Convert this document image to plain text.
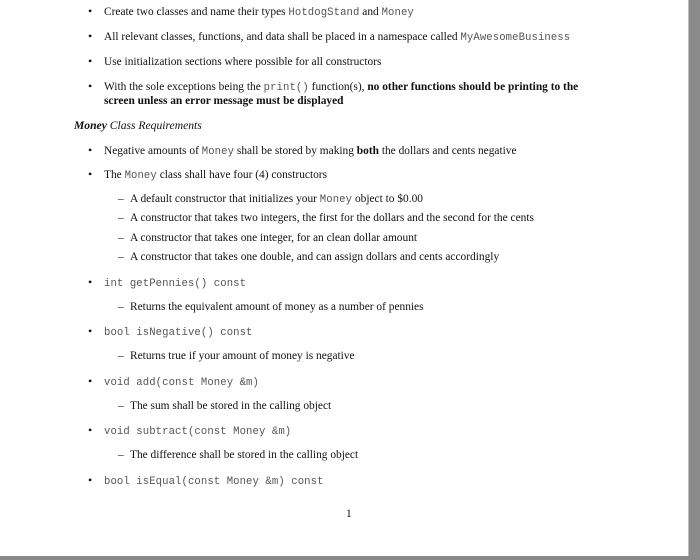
• Create two classes and name their types HotdogStand and Money
• All relevant classes, functions, and data shall be placed in a namespace called MyAwesomeBusiness
• Use initialization sections where possible for all constructors
• With the sole exceptions being the print() function(s), no other functions should be printing to the
screen unless an error message must be displayed
Money Class Requirements
• Negative amounts of Money shall be stored by making both the dollars and cents negative
• The Money class shall have four (4) constructors
– A default constructor that initializes your Money object to $0.00
– A constructor that takes two integers, the first for the dollars and the second for the cents
– A constructor that takes one integer, for an clean dollar amount
– A constructor that takes one double, and can assign dollars and cents accordingly
• int getPennies() const
– Returns the equivalent amount of money as a number of pennies
• bool isNegative() const
– Returns true if your amount of money is negative
• void add(const Money &m)
– The sum shall be stored in the calling object
• void subtract(const Money &m)
– The difference shall be stored in the calling object
• bool isEqual(const Money &m) const
1
